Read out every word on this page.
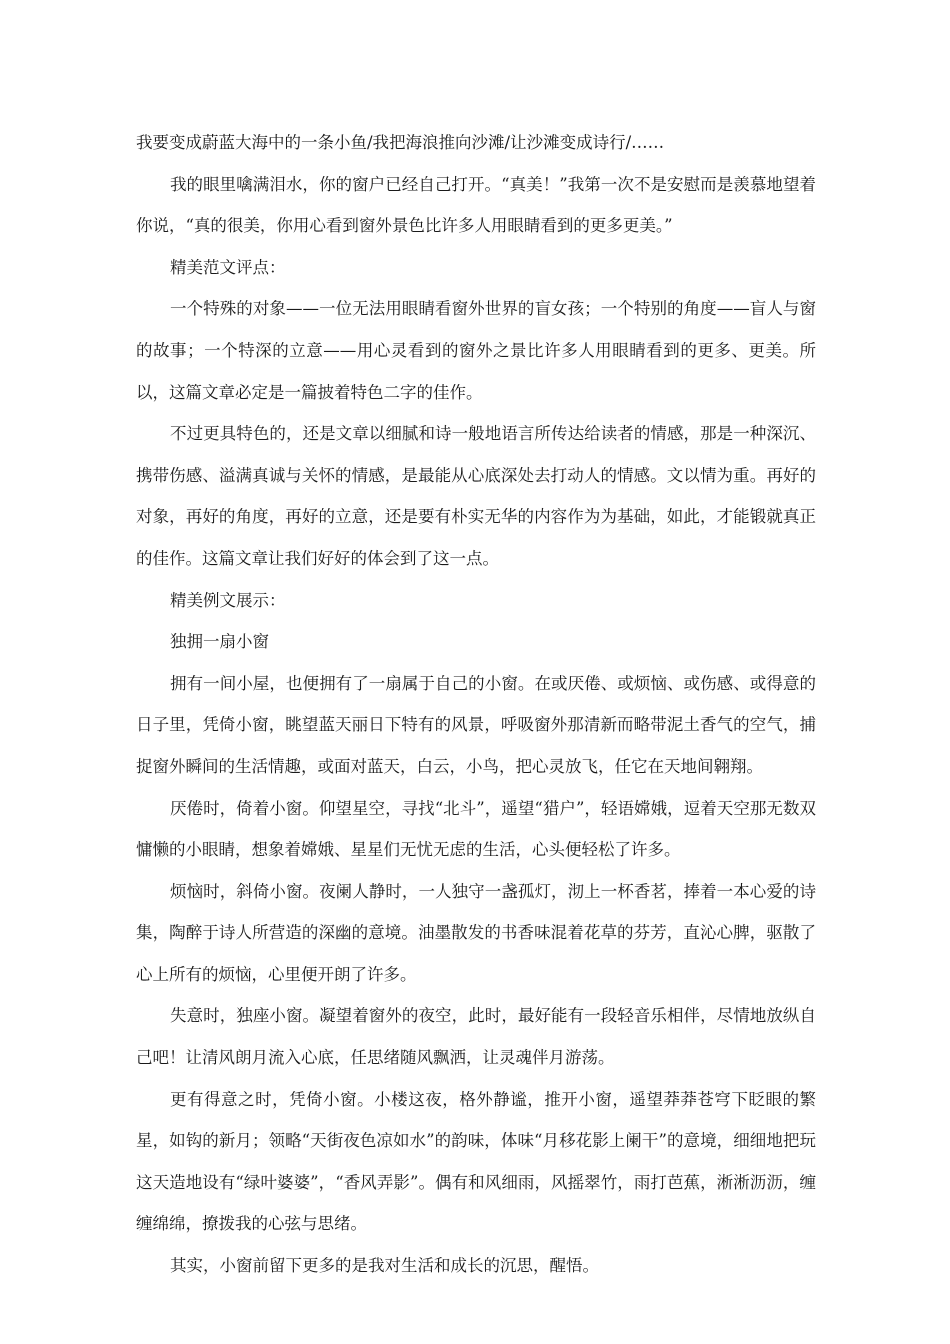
我要变成蔚蓝大海中的一条小鱼/我把海浪推向沙滩/让沙滩变成诗行/……

我的眼里噙满泪水，你的窗户已经自己打开。“真美！”我第一次不是安慰而是羡慕地望着你说，“真的很美，你用心看到窗外景色比许多人用眼睛看到的更多更美。”

精美范文评点：

一个特殊的对象——一位无法用眼睛看窗外世界的盲女孩；一个特别的角度——盲人与窗的故事；一个特深的立意——用心灵看到的窗外之景比许多人用眼睛看到的更多、更美。所以，这篇文章必定是一篇披着特色二字的佳作。

不过更具特色的，还是文章以细腻和诗一般地语言所传达给读者的情感，那是一种深沉、携带伤感、溢满真诚与关怀的情感，是最能从心底深处去打动人的情感。文以情为重。再好的对象，再好的角度，再好的立意，还是要有朴实无华的内容作为为基础，如此，才能锻就真正的佳作。这篇文章让我们好好的体会到了这一点。

精美例文展示：

独拥一扇小窗

拥有一间小屋，也便拥有了一扇属于自己的小窗。在或厌倦、或烦恼、或伤感、或得意的日子里，凭倚小窗，眺望蓝天丽日下特有的风景，呼吸窗外那清新而略带泥土香气的空气，捕捉窗外瞬间的生活情趣，或面对蓝天，白云，小鸟，把心灵放飞，任它在天地间翱翔。

厌倦时，倚着小窗。仰望星空，寻找“北斗”，遥望“猎户”，轻语嫦娥，逗着天空那无数双慵懒的小眼睛，想象着嫦娥、星星们无忧无虑的生活，心头便轻松了许多。

烦恼时，斜倚小窗。夜阑人静时，一人独守一盏孤灯，沏上一杯香茗，捧着一本心爱的诗集，陶醉于诗人所营造的深幽的意境。油墨散发的书香味混着花草的芬芳，直沁心脾，驱散了心上所有的烦恼，心里便开朗了许多。

失意时，独座小窗。凝望着窗外的夜空，此时，最好能有一段轻音乐相伴，尽情地放纵自己吧！让清风朗月流入心底，任思绪随风飘洒，让灵魂伴月游荡。

更有得意之时，凭倚小窗。小楼这夜，格外静谧，推开小窗，遥望莽莽苍穹下眨眼的繁星，如钩的新月；领略“天街夜色凉如水”的韵味，体味“月移花影上阑干”的意境，细细地把玩这天造地设有“绿叶婆婆”，“香风弄影”。偶有和风细雨，风摇翠竹，雨打芭蕉，淅淅沥沥，缠缠绵绵，撩拨我的心弦与思绪。

其实，小窗前留下更多的是我对生活和成长的沉思，醒悟。
